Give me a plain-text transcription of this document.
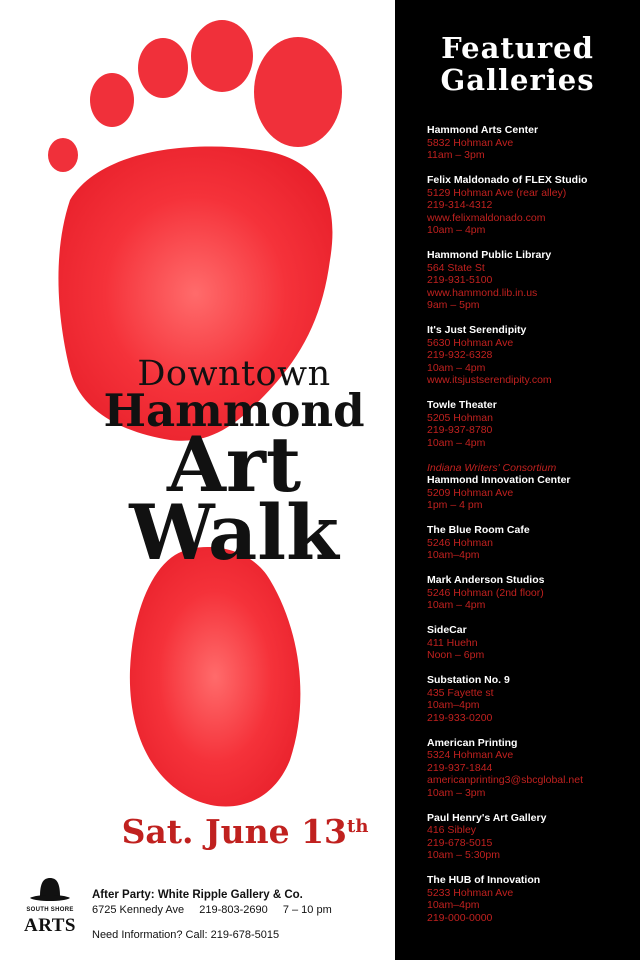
Downtown
Hammond
Art
Walk
Sat. June 13th
SOUTH SHORE
ARTS
After Party: White Ripple Gallery & Co.
6725 Kennedy Ave 219-803-2690 7 – 10 pm
Need Information? Call: 219-678-5015
Featured
Galleries
Hammond Arts Center
5832 Hohman Ave
11am – 3pm
Felix Maldonado of FLEX Studio
5129 Hohman Ave (rear alley)
219-314-4312
www.felixmaldonado.com
10am – 4pm
Hammond Public Library
564 State St
219-931-5100
www.hammond.lib.in.us
9am – 5pm
It's Just Serendipity
5630 Hohman Ave
219-932-6328
10am – 4pm
www.itsjustserendipity.com
Towle Theater
5205 Hohman
219-937-8780
10am – 4pm
Indiana Writers' Consortium
Hammond Innovation Center
5209 Hohman Ave
1pm – 4 pm
The Blue Room Cafe
5246 Hohman
10am–4pm
Mark Anderson Studios
5246 Hohman (2nd floor)
10am – 4pm
SideCar
411 Huehn
Noon – 6pm
Substation No. 9
435 Fayette st
10am–4pm
219-933-0200
American Printing
5324 Hohman Ave
219-937-1844
americanprinting3@sbcglobal.net
10am – 3pm
Paul Henry's Art Gallery
416 Sibley
219-678-5015
10am – 5:30pm
The HUB of Innovation
5233 Hohman Ave
10am–4pm
219-000-0000
